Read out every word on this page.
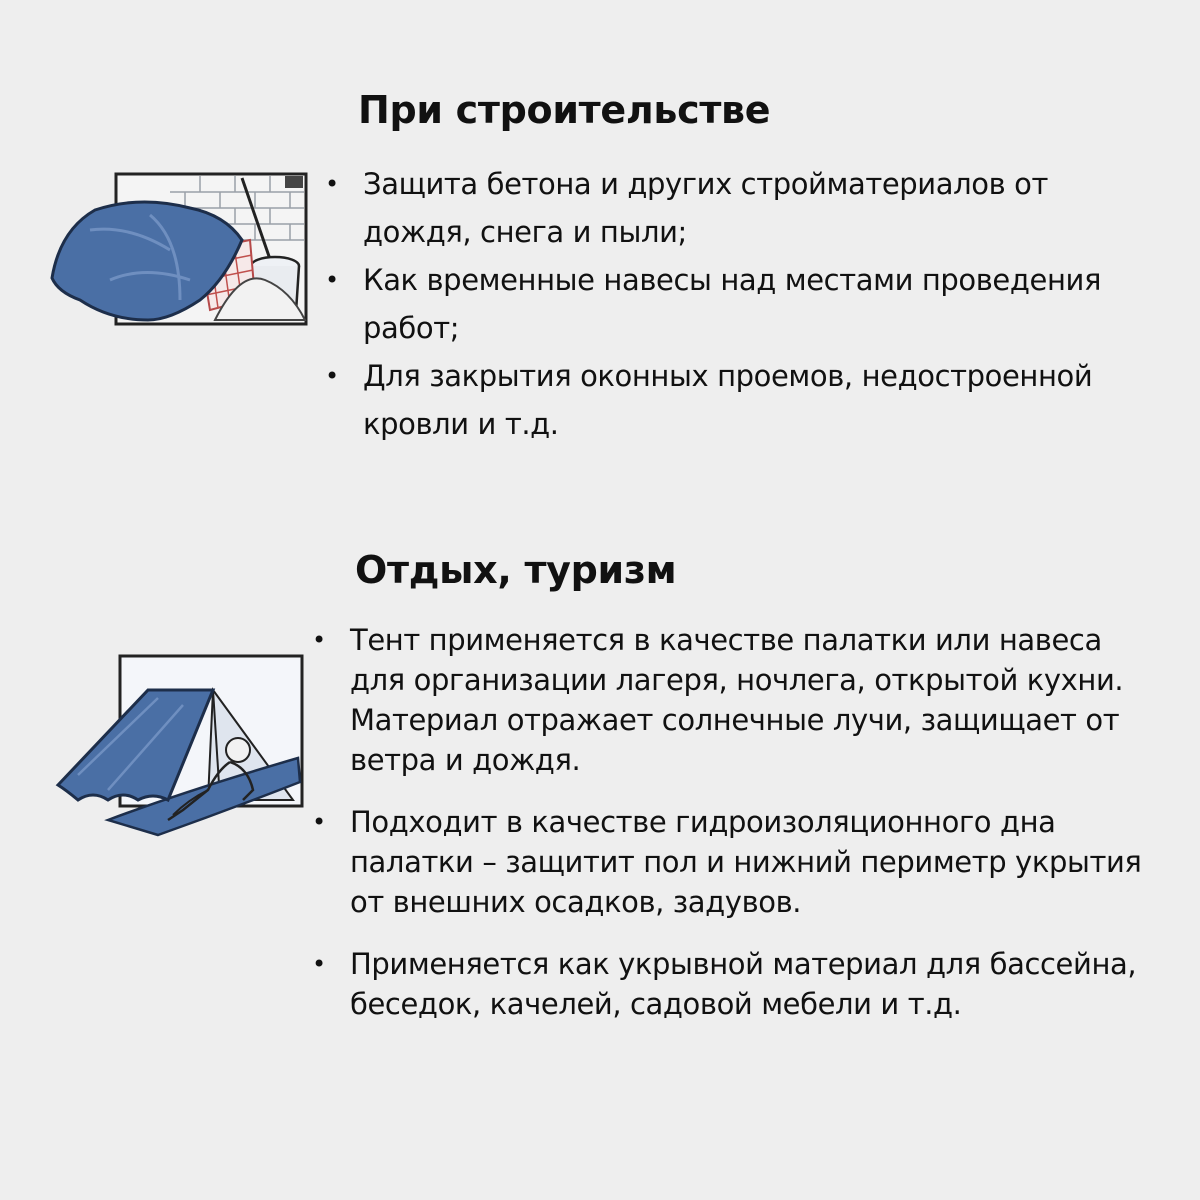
При строительстве
• Защита бетона и других стройматериалов от дождя, снега и пыли;
• Как временные навесы над местами проведения работ;
• Для закрытия оконных проемов, недостроенной кровли и т.д.
Отдых, туризм
• Тент применяется в качестве палатки или навеса для организации лагеря, ночлега, открытой кухни. Материал отражает солнечные лучи, защищает от ветра и дождя.
• Подходит в качестве гидроизоляционного дна палатки – защитит пол и нижний периметр укрытия от внешних осадков, задувов.
• Применяется как укрывной материал для бассейна, беседок, качелей, садовой мебели и т.д.
